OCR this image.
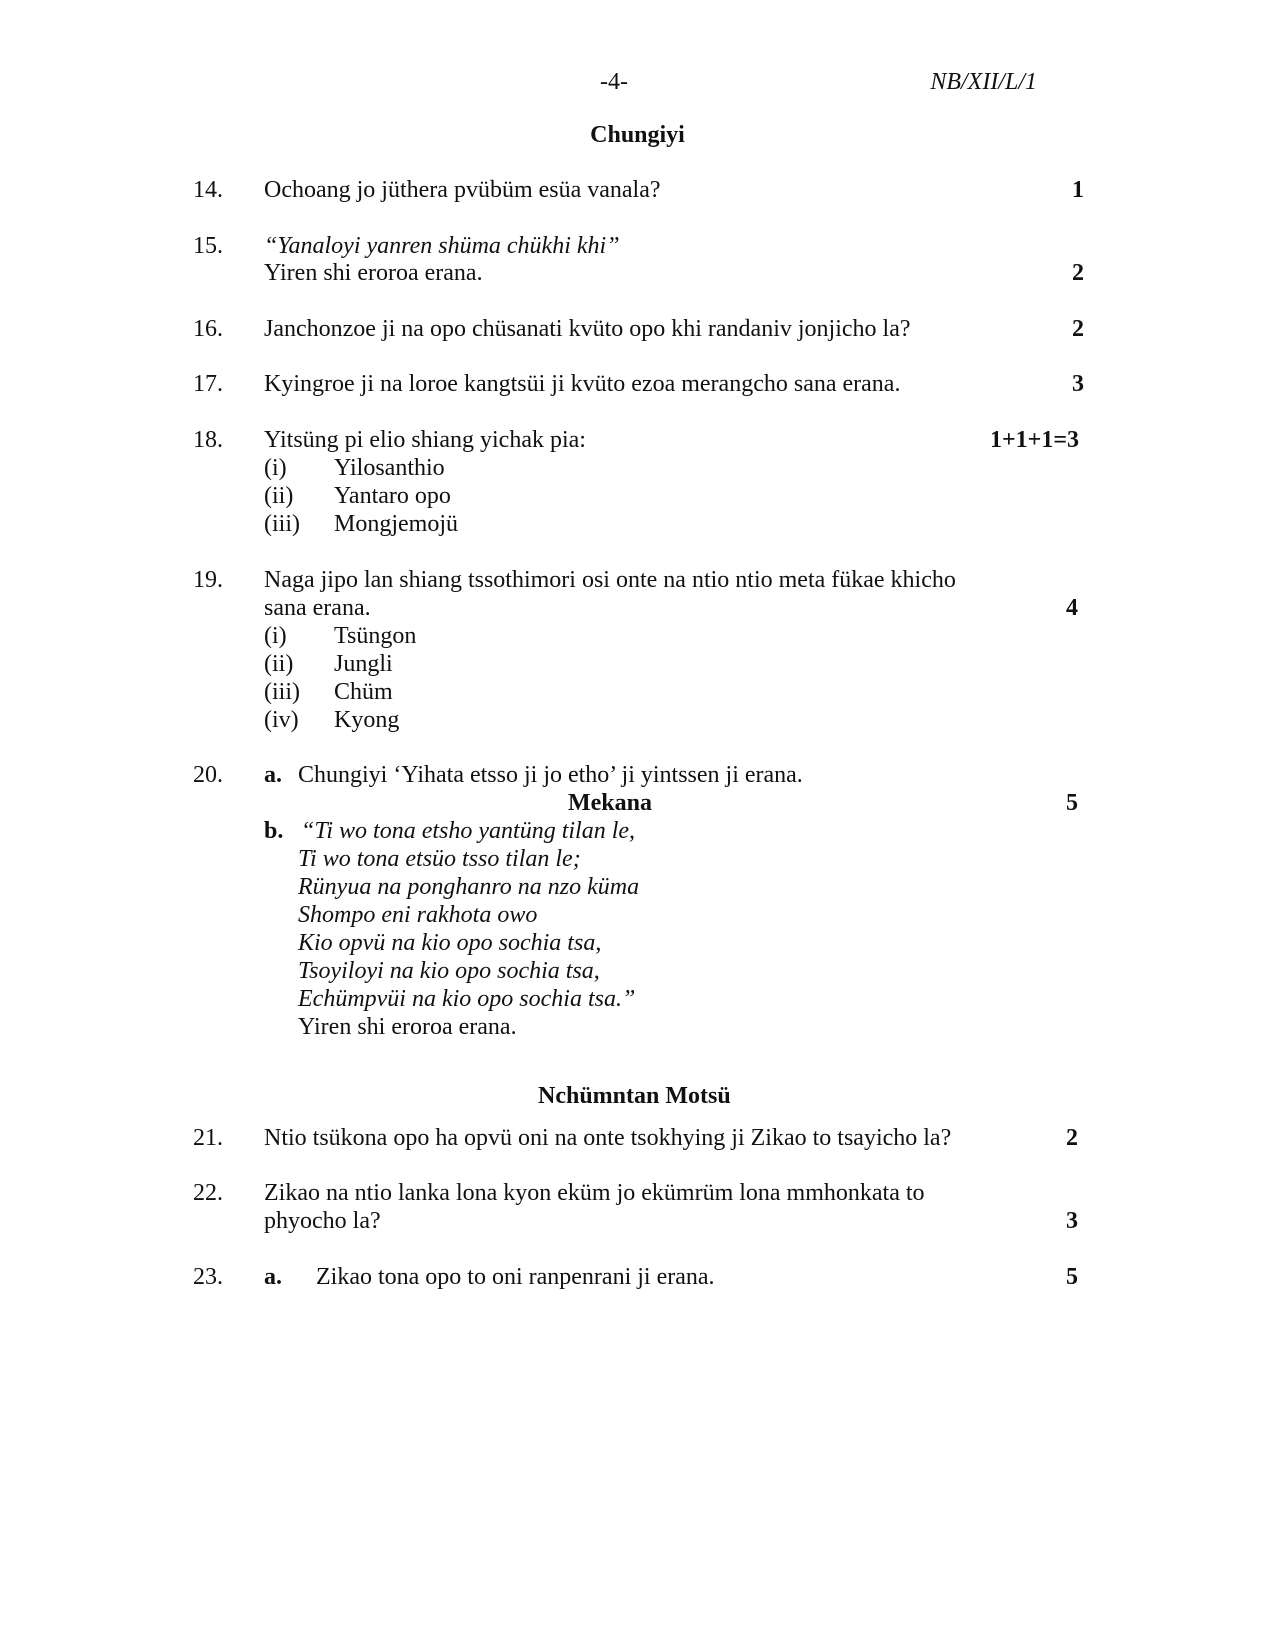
-4-	NB/XII/L/1
Chungiyi
14. Ochoang jo jüthera pvübüm esüa vanala?	1
15. “Yanaloyi yanren shüma chükhi khi”
Yiren shi eroroa erana.	2
16. Janchonzoe ji na opo chüsanati kvüto opo khi randaniv jonjicho la?	2
17. Kyingroe ji na loroe kangtsüi ji kvüto ezoa merangcho sana erana.	3
18. Yitsüng pi elio shiang yichak pia:	1+1+1=3
(i) Yilosanthio
(ii) Yantaro opo
(iii) Mongjemojü
19. Naga jipo lan shiang tssothimori osi onte na ntio ntio meta fükae khicho
sana erana.	4
(i) Tsüngon
(ii) Jungli
(iii) Chüm
(iv) Kyong
20. a. Chungiyi ‘Yihata etsso ji jo etho’ ji yintssen ji erana.
Mekana	5
b. “Ti wo tona etsho yantüng tilan le,
Ti wo tona etsüo tsso tilan le;
Rünyua na ponghanro na nzo küma
Shompo eni rakhota owo
Kio opvü na kio opo sochia tsa,
Tsoyiloyi na kio opo sochia tsa,
Echümpvüi na kio opo sochia tsa.”
Yiren shi eroroa erana.
Nchümntan Motsü
21. Ntio tsükona opo ha opvü oni na onte tsokhying ji Zikao to tsayicho la?	2
22. Zikao na ntio lanka lona kyon eküm jo ekümrüm lona mmhonkata to
phyocho la?	3
23. a. Zikao tona opo to oni ranpenrani ji erana.	5
